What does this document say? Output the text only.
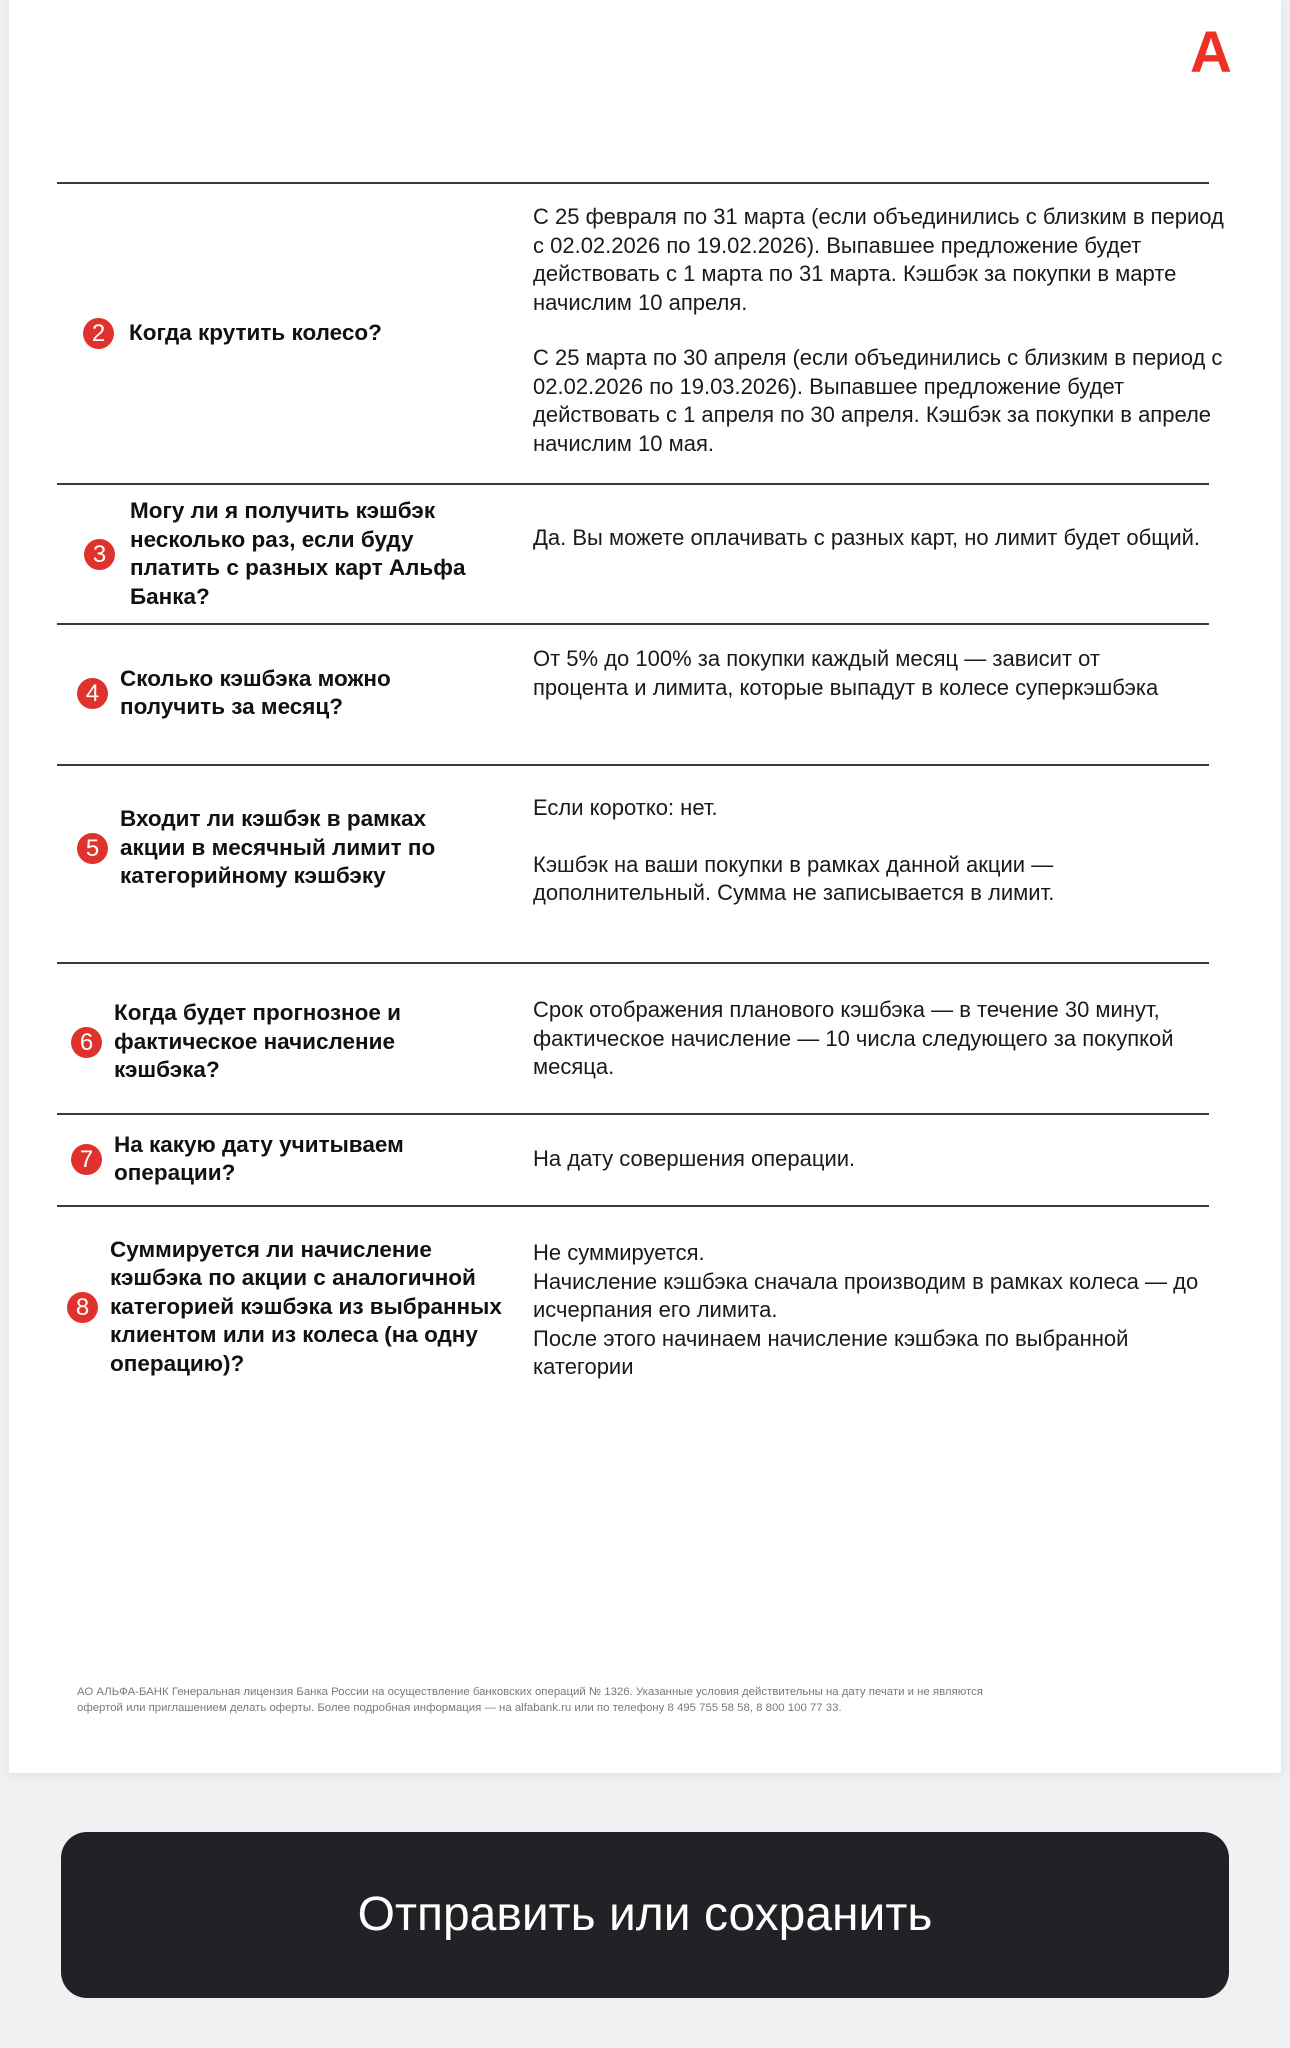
А
2	Когда крутить колесо?

С 25 февраля по 31 марта (если объединились с близким в период с 02.02.2026 по 19.02.2026). Выпавшее предложение будет действовать с 1 марта по 31 марта. Кэшбэк за покупки в марте начислим 10 апреля.

С 25 марта по 30 апреля (если объединились с близким в период с 02.02.2026 по 19.03.2026). Выпавшее предложение будет действовать с 1 апреля по 30 апреля. Кэшбэк за покупки в апреле начислим 10 мая.

3
Могу ли я получить кэшбэк несколько раз, если буду платить с разных карт Альфа Банка?

Да. Вы можете оплачивать с разных карт, но лимит будет общий.

4
Сколько кэшбэка можно получить за месяц?

От 5% до 100% за покупки каждый месяц — зависит от процента и лимита, которые выпадут в колесе суперкэшбэка

5
Входит ли кэшбэк в рамках акции в месячный лимит по категорийному кэшбэку

Если коротко: нет.

Кэшбэк на ваши покупки в рамках данной акции — дополнительный. Сумма не записывается в лимит.

6
Когда будет прогнозное и фактическое начисление кэшбэка?

Срок отображения планового кэшбэка — в течение 30 минут, фактическое начисление — 10 числа следующего за покупкой месяца.

7
На какую дату учитываем операции?

На дату совершения операции.

8
Суммируется ли начисление кэшбэка по акции с аналогичной категорией кэшбэка из выбранных клиентом или из колеса (на одну операцию)?

Не суммируется.

Начисление кэшбэка сначала производим в рамках колеса — до исчерпания его лимита.

После этого начинаем начисление кэшбэка по выбранной категории

АО АЛЬФА-БАНК Генеральная лицензия Банка России на осуществление банковских операций № 1326. Указанные условия действительны на дату печати и не являются

офертой или приглашением делать оферты. Более подробная информация — на alfabank.ru или по телефону 8 495 755 58 58, 8 800 100 77 33.

Отправить или сохранить
